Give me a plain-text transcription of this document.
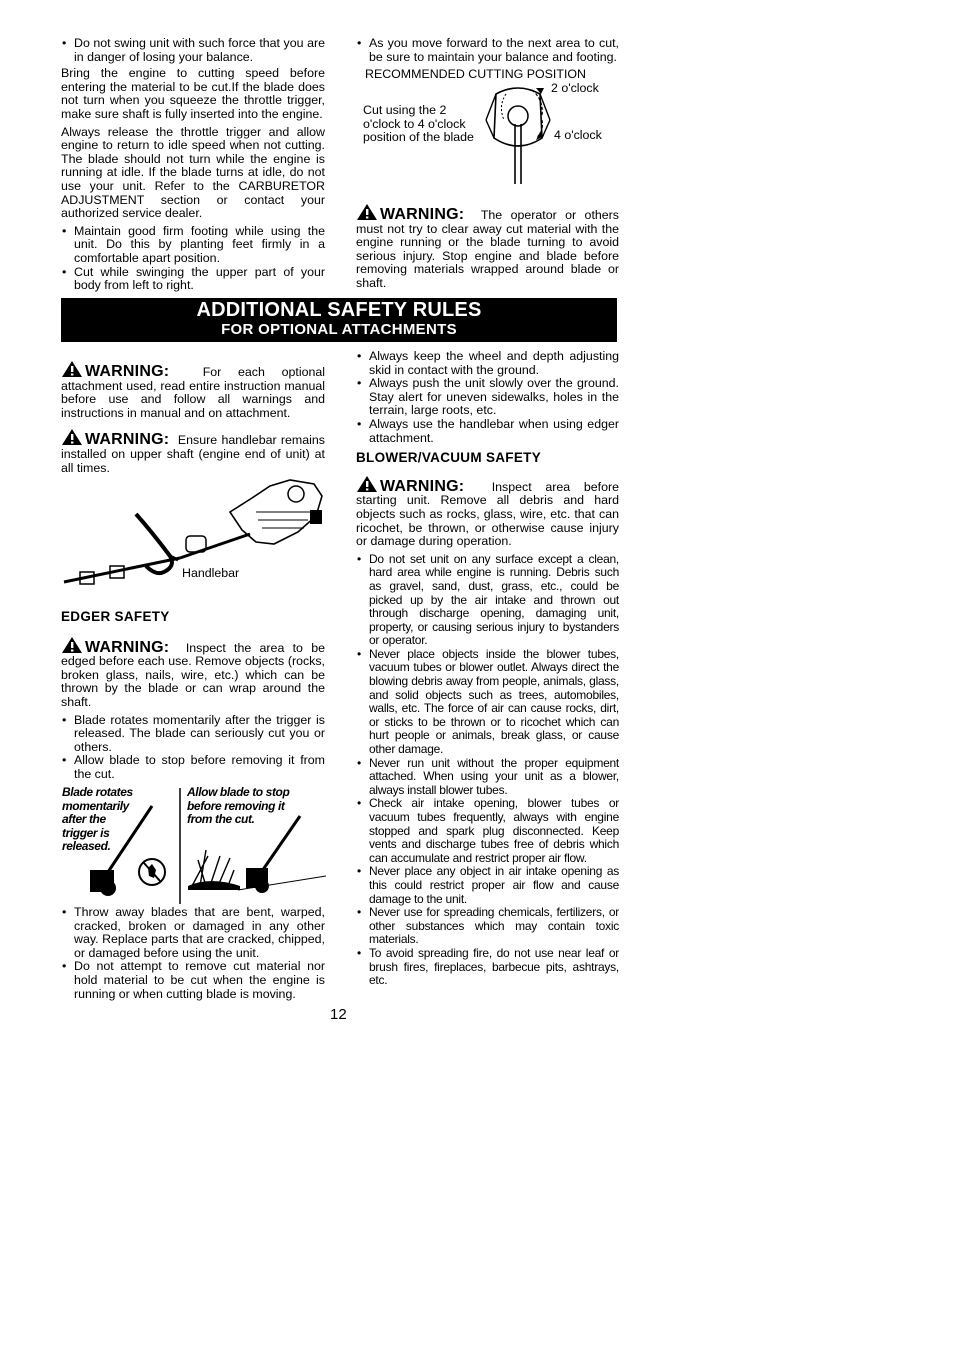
• Do not swing unit with such force that you are in danger of losing your balance.

Bring the engine to cutting speed before entering the material to be cut.If the blade does not turn when you squeeze the throttle trigger, make sure shaft is fully inserted into the engine.

Always release the throttle trigger and allow engine to return to idle speed when not cutting. The blade should not turn while the engine is running at idle. If the blade turns at idle, do not use your unit. Refer to the CARBURETOR ADJUSTMENT section or contact your authorized service dealer.

• Maintain good firm footing while using the unit. Do this by planting feet firmly in a comfortable apart position.
• Cut while swinging the upper part of your body from left to right.
• As you move forward to the next area to cut, be sure to maintain your balance and footing.
RECOMMENDED CUTTING POSITION
Cut using the 2 o'clock to 4 o'clock position of the blade
2 o'clock
4 o'clock

WARNING: The operator or others must not try to clear away cut material with the engine running or the blade turning to avoid serious injury. Stop engine and blade before removing materials wrapped around blade or shaft.

ADDITIONAL SAFETY RULES
FOR OPTIONAL ATTACHMENTS

WARNING:	For each optional attachment used, read entire instruction manual before use and follow all warnings and instructions in manual and on attachment.

WARNING: Ensure handlebar remains installed on upper shaft (engine end of unit) at all times.

Handlebar
EDGER SAFETY

WARNING: Inspect the area to be edged before each use. Remove objects (rocks, broken glass, nails, wire, etc.) which can be thrown by the blade or can wrap around the shaft.

• Blade rotates momentarily after the trigger is released. The blade can seriously cut you or others.
• Allow blade to stop before removing it from the cut.
Blade rotates momentarily after the trigger is released.
Allow blade to stop before removing it from the cut.
• Throw away blades that are bent, warped, cracked, broken or damaged in any other way. Replace parts that are cracked, chipped, or damaged before using the unit.
• Do not attempt to remove cut material nor hold material to be cut when the engine is running or when cutting blade is moving.
• Always keep the wheel and depth adjusting skid in contact with the ground.
• Always push the unit slowly over the ground. Stay alert for uneven sidewalks, holes in the terrain, large roots, etc.
• Always use the handlebar when using edger attachment.
BLOWER/VACUUM SAFETY

WARNING: Inspect area before starting unit. Remove all debris and hard objects such as rocks, glass, wire, etc. that can ricochet, be thrown, or otherwise cause injury or damage during operation.

• Do not set unit on any surface except a clean, hard area while engine is running. Debris such as gravel, sand, dust, grass, etc., could be picked up by the air intake and thrown out through discharge opening, damaging unit, property, or causing serious injury to bystanders or operator.
• Never place objects inside the blower tubes, vacuum tubes or blower outlet. Always direct the blowing debris away from people, animals, glass, and solid objects such as trees, automobiles, walls, etc. The force of air can cause rocks, dirt, or sticks to be thrown or to ricochet which can hurt people or animals, break glass, or cause other damage.
• Never run unit without the proper equipment attached. When using your unit as a blower, always install blower tubes.
• Check air intake opening, blower tubes or vacuum tubes frequently, always with engine stopped and spark plug disconnected. Keep vents and discharge tubes free of debris which can accumulate and restrict proper air flow.
• Never place any object in air intake opening as this could restrict proper air flow and cause damage to the unit.
• Never use for spreading chemicals, fertilizers, or other substances which may contain toxic materials.
• To avoid spreading fire, do not use near leaf or brush fires, fireplaces, barbecue pits, ashtrays, etc.
12
